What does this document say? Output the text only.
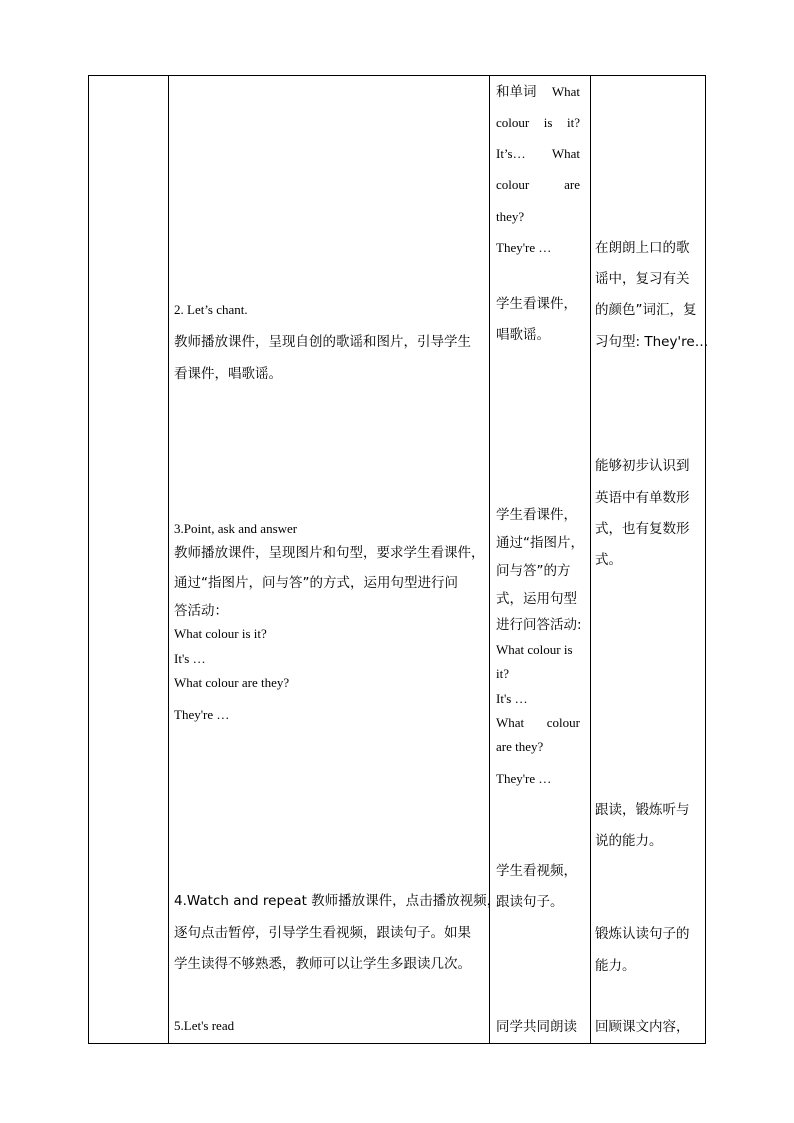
2. Let’s chant.
教师播放课件，呈现自创的歌谣和图片，引导学生
看课件，唱歌谣。
3.Point, ask and answer
教师播放课件，呈现图片和句型，要求学生看课件，
通过“指图片，问与答”的方式，运用句型进行问
答活动：
What colour is it?
It's …
What colour are they?
They're …
4.Watch and repeat 教师播放课件，点击播放视频，
逐句点击暂停，引导学生看视频，跟读句子。如果
学生读得不够熟悉，教师可以让学生多跟读几次。
5.Let's read
和单词 What
colour is it?
It’s… What
colour	are
they?
They're …
学生看课件，
唱歌谣。
学生看课件，
通过“指图片，
问与答”的方
式，运用句型
进行问答活动:
What colour is
it?
It's …
What colour
are they?
They're …
学生看视频，
跟读句子。
同学共同朗读
在朗朗上口的歌
谣中，复习有关
的颜色”词汇，复
习句型: They're…
能够初步认识到
英语中有单数形
式，也有复数形
式。
跟读，锻炼听与
说的能力。
锻炼认读句子的
能力。
回顾课文内容，
